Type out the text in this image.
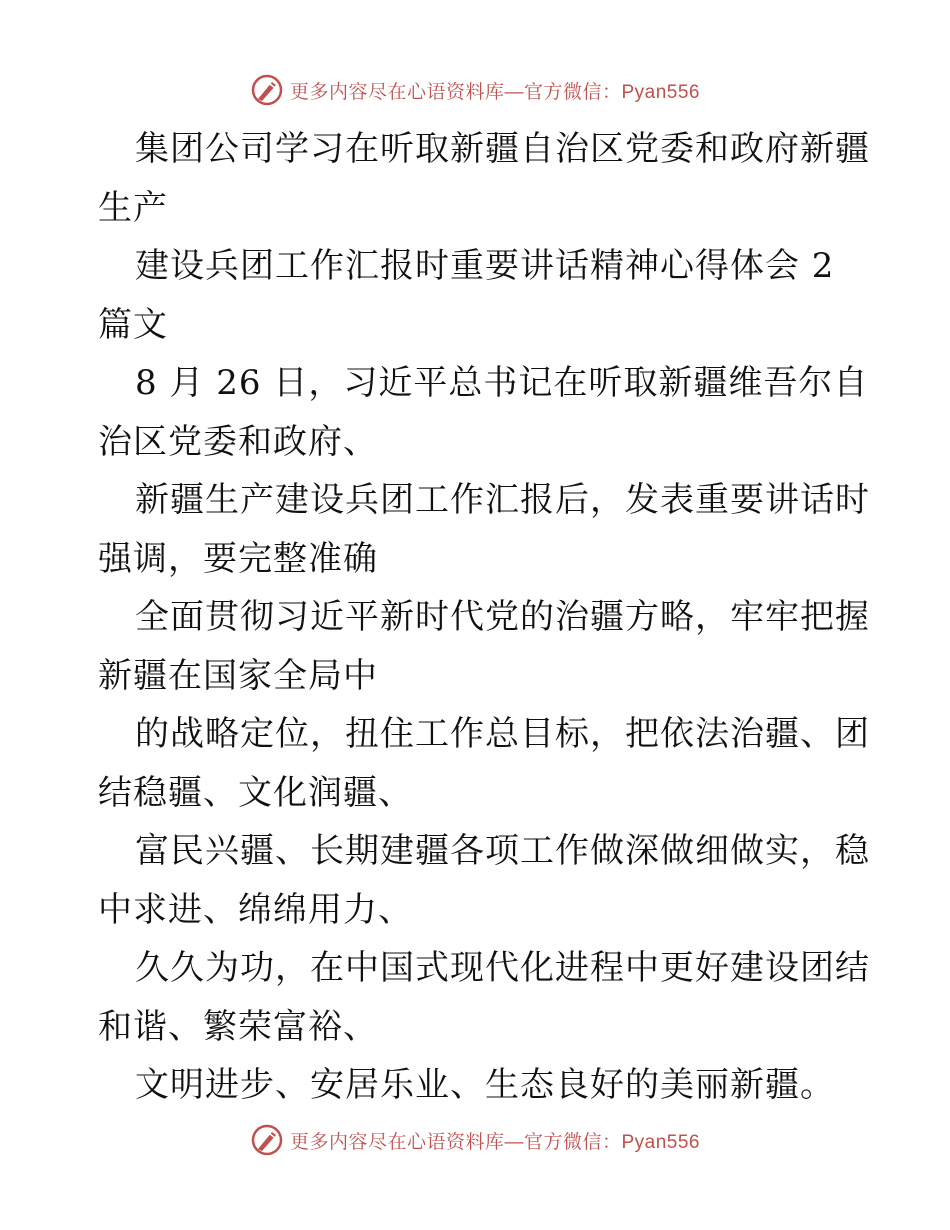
更多内容尽在心语资料库—官方微信：Pyan556
集团公司学习在听取新疆自治区党委和政府新疆
生产
建设兵团工作汇报时重要讲话精神心得体会 2
篇文
8 月 26 日，习近平总书记在听取新疆维吾尔自
治区党委和政府、
新疆生产建设兵团工作汇报后，发表重要讲话时
强调，要完整准确
全面贯彻习近平新时代党的治疆方略，牢牢把握
新疆在国家全局中
的战略定位，扭住工作总目标，把依法治疆、团
结稳疆、文化润疆、
富民兴疆、长期建疆各项工作做深做细做实，稳
中求进、绵绵用力、
久久为功，在中国式现代化进程中更好建设团结
和谐、繁荣富裕、
文明进步、安居乐业、生态良好的美丽新疆。
更多内容尽在心语资料库—官方微信：Pyan556
